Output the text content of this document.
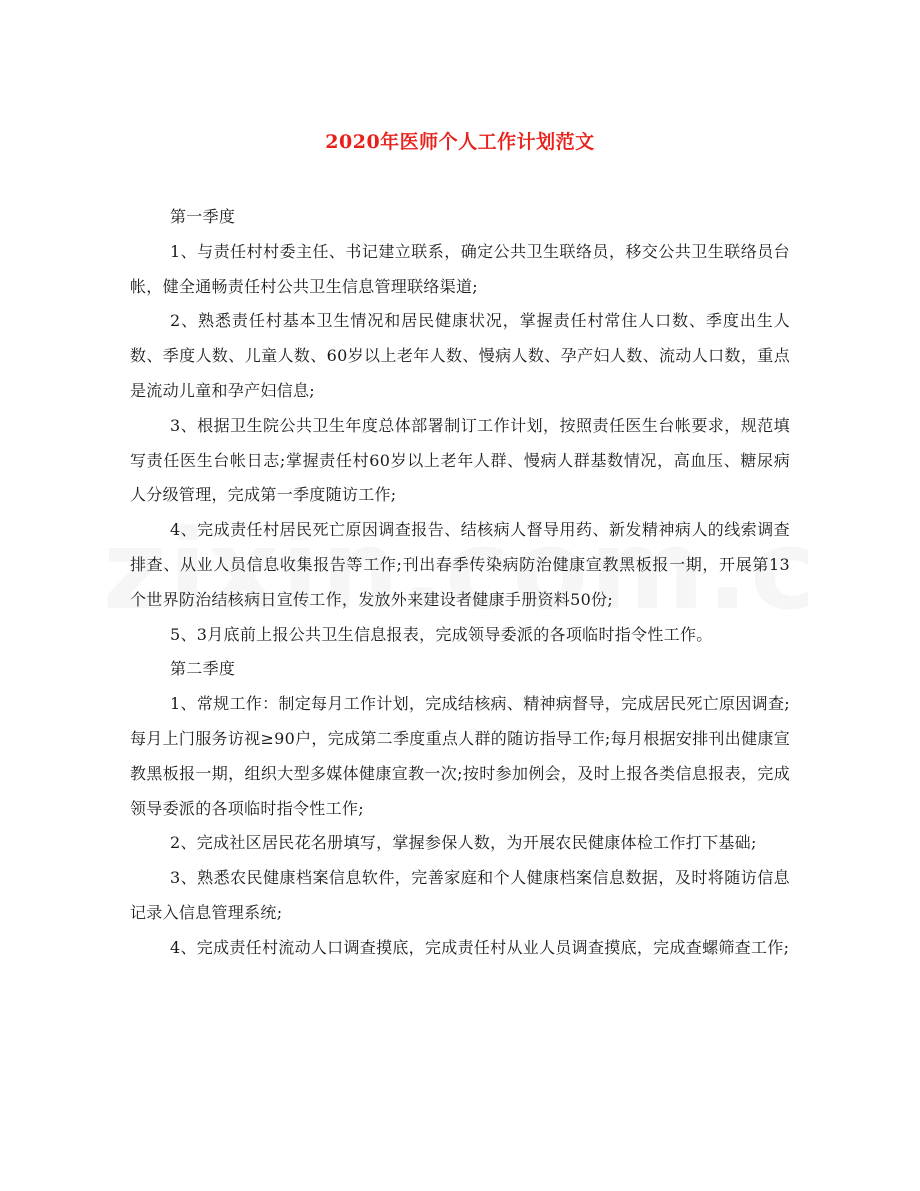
2020年医师个人工作计划范文

第一季度

1、与责任村村委主任、书记建立联系，确定公共卫生联络员，移交公共卫生联络员台帐，健全通畅责任村公共卫生信息管理联络渠道;

2、熟悉责任村基本卫生情况和居民健康状况，掌握责任村常住人口数、季度出生人数、季度人数、儿童人数、60岁以上老年人数、慢病人数、孕产妇人数、流动人口数，重点是流动儿童和孕产妇信息;

3、根据卫生院公共卫生年度总体部署制订工作计划，按照责任医生台帐要求，规范填写责任医生台帐日志;掌握责任村60岁以上老年人群、慢病人群基数情况，高血压、糖尿病人分级管理，完成第一季度随访工作;

4、完成责任村居民死亡原因调查报告、结核病人督导用药、新发精神病人的线索调查排查、从业人员信息收集报告等工作;刊出春季传染病防治健康宣教黑板报一期，开展第13个世界防治结核病日宣传工作，发放外来建设者健康手册资料50份;

5、3月底前上报公共卫生信息报表，完成领导委派的各项临时指令性工作。

第二季度

1、常规工作：制定每月工作计划，完成结核病、精神病督导，完成居民死亡原因调查;每月上门服务访视≥90户，完成第二季度重点人群的随访指导工作;每月根据安排刊出健康宣教黑板报一期，组织大型多媒体健康宣教一次;按时参加例会，及时上报各类信息报表，完成领导委派的各项临时指令性工作;

2、完成社区居民花名册填写，掌握参保人数，为开展农民健康体检工作打下基础;

3、熟悉农民健康档案信息软件，完善家庭和个人健康档案信息数据，及时将随访信息记录入信息管理系统;

4、完成责任村流动人口调查摸底，完成责任村从业人员调查摸底，完成查螺筛查工作;
